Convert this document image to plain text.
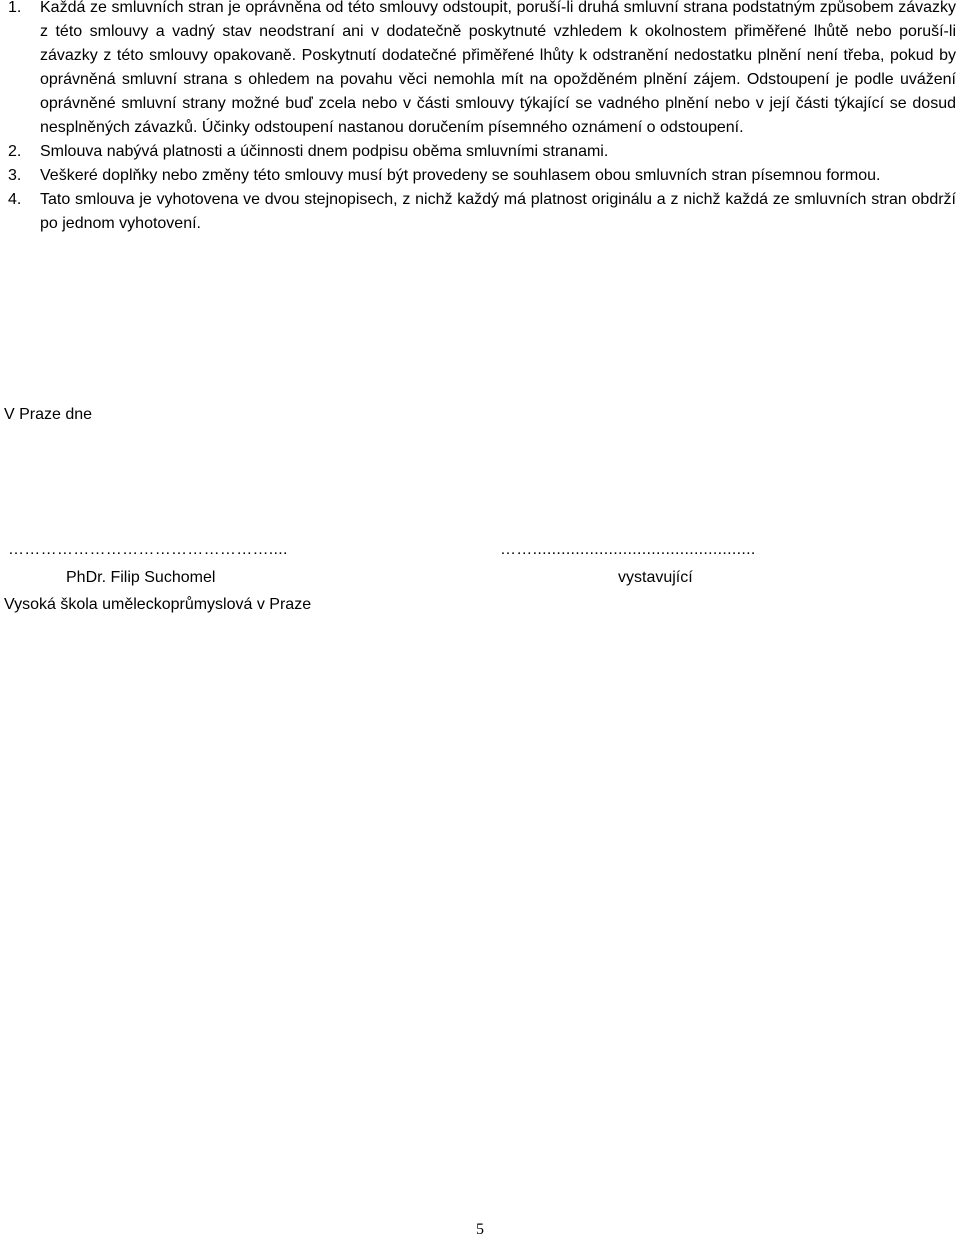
1.	Každá ze smluvních stran je oprávněna od této smlouvy odstoupit, poruší-li druhá smluvní strana podstatným způsobem závazky z této smlouvy a vadný stav neodstraní ani v dodatečně poskytnuté vzhledem k okolnostem přiměřené lhůtě nebo poruší-li závazky z této smlouvy opakovaně. Poskytnutí dodatečné přiměřené lhůty k odstranění nedostatku plnění není třeba, pokud by oprávněná smluvní strana s ohledem na povahu věci nemohla mít na opožděném plnění zájem. Odstoupení je podle uvážení oprávněné smluvní strany možné buď zcela nebo v části smlouvy týkající se vadného plnění nebo v její části týkající se dosud nesplněných závazků. Účinky odstoupení nastanou doručením písemného oznámení o odstoupení.
2.	Smlouva nabývá platnosti a účinnosti dnem podpisu oběma smluvními stranami.
3.	Veškeré doplňky nebo změny této smlouvy musí být provedeny se souhlasem obou smluvních stran písemnou formou.
4.	Tato smlouva je vyhotovena ve dvou stejnopisech, z nichž každý má platnost originálu a z nichž každá ze smluvních stran obdrží po jednom vyhotovení.
V Praze dne
…………………………………………....	……...............................................
PhDr. Filip Suchomel	vystavující
Vysoká škola uměleckoprůmyslová v Praze
5
